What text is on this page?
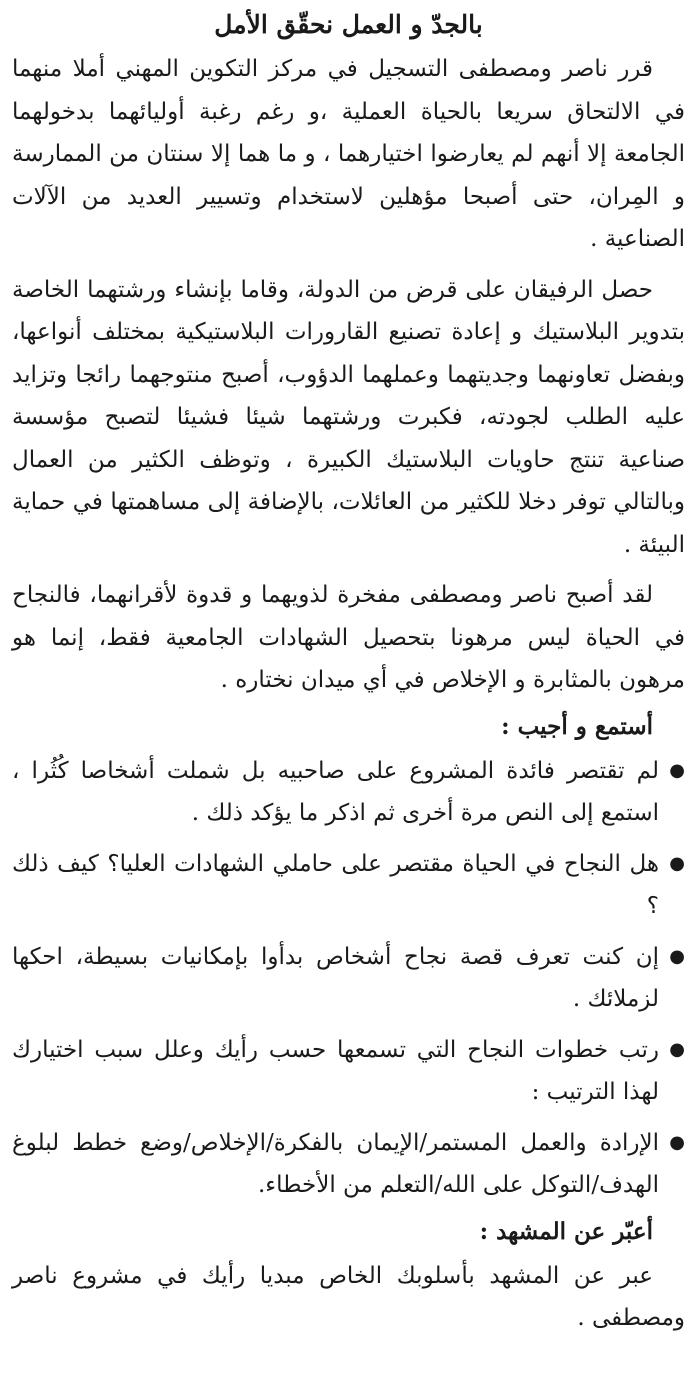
بالجدّ و العمل نحقّق الأمل

قرر ناصر ومصطفى التسجيل في مركز التكوين المهني أملا منهما في الالتحاق سريعا بالحياة العملية ،و رغم رغبة أوليائهما بدخولهما الجامعة إلا أنهم لم يعارضوا اختيارهما ، و ما هما إلا سنتان من الممارسة و المِران، حتى أصبحا مؤهلين لاستخدام وتسيير العديد من الآلات الصناعية .

حصل الرفيقان على قرض من الدولة، وقاما بإنشاء ورشتهما الخاصة بتدوير البلاستيك و إعادة تصنيع القارورات البلاستيكية بمختلف أنواعها، وبفضل تعاونهما وجديتهما وعملهما الدؤوب، أصبح منتوجهما رائجا وتزايد عليه الطلب لجودته، فكبرت ورشتهما شيئا فشيئا لتصبح مؤسسة صناعية تنتج حاويات البلاستيك الكبيرة ، وتوظف الكثير من العمال وبالتالي توفر دخلا للكثير من العائلات، بالإضافة إلى مساهمتها في حماية البيئة .

لقد أصبح ناصر ومصطفى مفخرة لذويهما و قدوة لأقرانهما، فالنجاح في الحياة ليس مرهونا بتحصيل الشهادات الجامعية فقط، إنما هو مرهون بالمثابرة و الإخلاص في أي ميدان نختاره .

أستمع و أجيب :
●
لم تقتصر فائدة المشروع على صاحبيه بل شملت أشخاصا كُثُرا ، استمع إلى النص مرة أخرى ثم اذكر ما يؤكد ذلك .
●
هل النجاح في الحياة مقتصر على حاملي الشهادات العليا؟ كيف ذلك ؟
●
إن كنت تعرف قصة نجاح أشخاص بدأوا بإمكانيات بسيطة، احكها لزملائك .
●
رتب خطوات النجاح التي تسمعها حسب رأيك وعلل سبب اختيارك لهذا الترتيب :
●
الإرادة والعمل المستمر/الإيمان بالفكرة/الإخلاص/وضع خطط لبلوغ الهدف/التوكل على الله/التعلم من الأخطاء.
أعبّر عن المشهد :

عبر عن المشهد بأسلوبك الخاص مبديا رأيك في مشروع ناصر ومصطفى .
